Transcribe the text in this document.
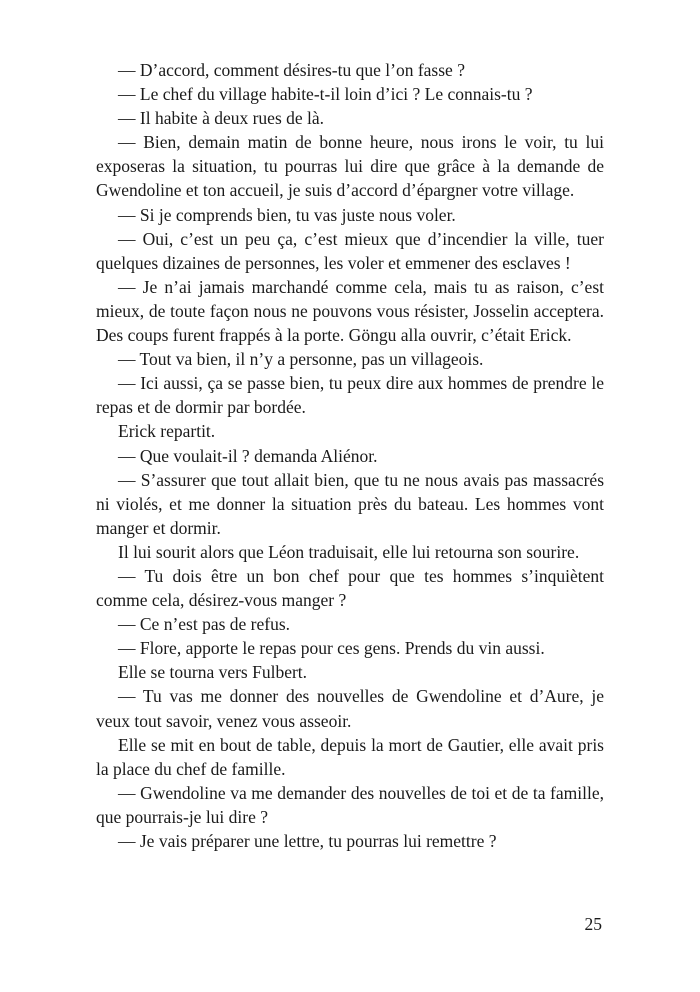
— D’accord, comment désires-tu que l’on fasse ?

— Le chef du village habite-t-il loin d’ici ? Le connais-tu ?

— Il habite à deux rues de là.

— Bien, demain matin de bonne heure, nous irons le voir, tu lui exposeras la situation, tu pourras lui dire que grâce à la demande de Gwendoline et ton accueil, je suis d’accord d’épargner votre village.

— Si je comprends bien, tu vas juste nous voler.

— Oui, c’est un peu ça, c’est mieux que d’incendier la ville, tuer quelques dizaines de personnes, les voler et emmener des esclaves !

— Je n’ai jamais marchandé comme cela, mais tu as raison, c’est mieux, de toute façon nous ne pouvons vous résister, Josselin acceptera. Des coups furent frappés à la porte. Göngu alla ouvrir, c’était Erick.

— Tout va bien, il n’y a personne, pas un villageois.

— Ici aussi, ça se passe bien, tu peux dire aux hommes de prendre le repas et de dormir par bordée.

Erick repartit.

— Que voulait-il ? demanda Aliénor.

— S’assurer que tout allait bien, que tu ne nous avais pas massacrés ni violés, et me donner la situation près du bateau. Les hommes vont manger et dormir.

Il lui sourit alors que Léon traduisait, elle lui retourna son sourire.

— Tu dois être un bon chef pour que tes hommes s’inquiètent comme cela, désirez-vous manger ?

— Ce n’est pas de refus.

— Flore, apporte le repas pour ces gens. Prends du vin aussi.

Elle se tourna vers Fulbert.

— Tu vas me donner des nouvelles de Gwendoline et d’Aure, je veux tout savoir, venez vous asseoir.

Elle se mit en bout de table, depuis la mort de Gautier, elle avait pris la place du chef de famille.

— Gwendoline va me demander des nouvelles de toi et de ta famille, que pourrais-je lui dire ?

— Je vais préparer une lettre, tu pourras lui remettre ?

25
